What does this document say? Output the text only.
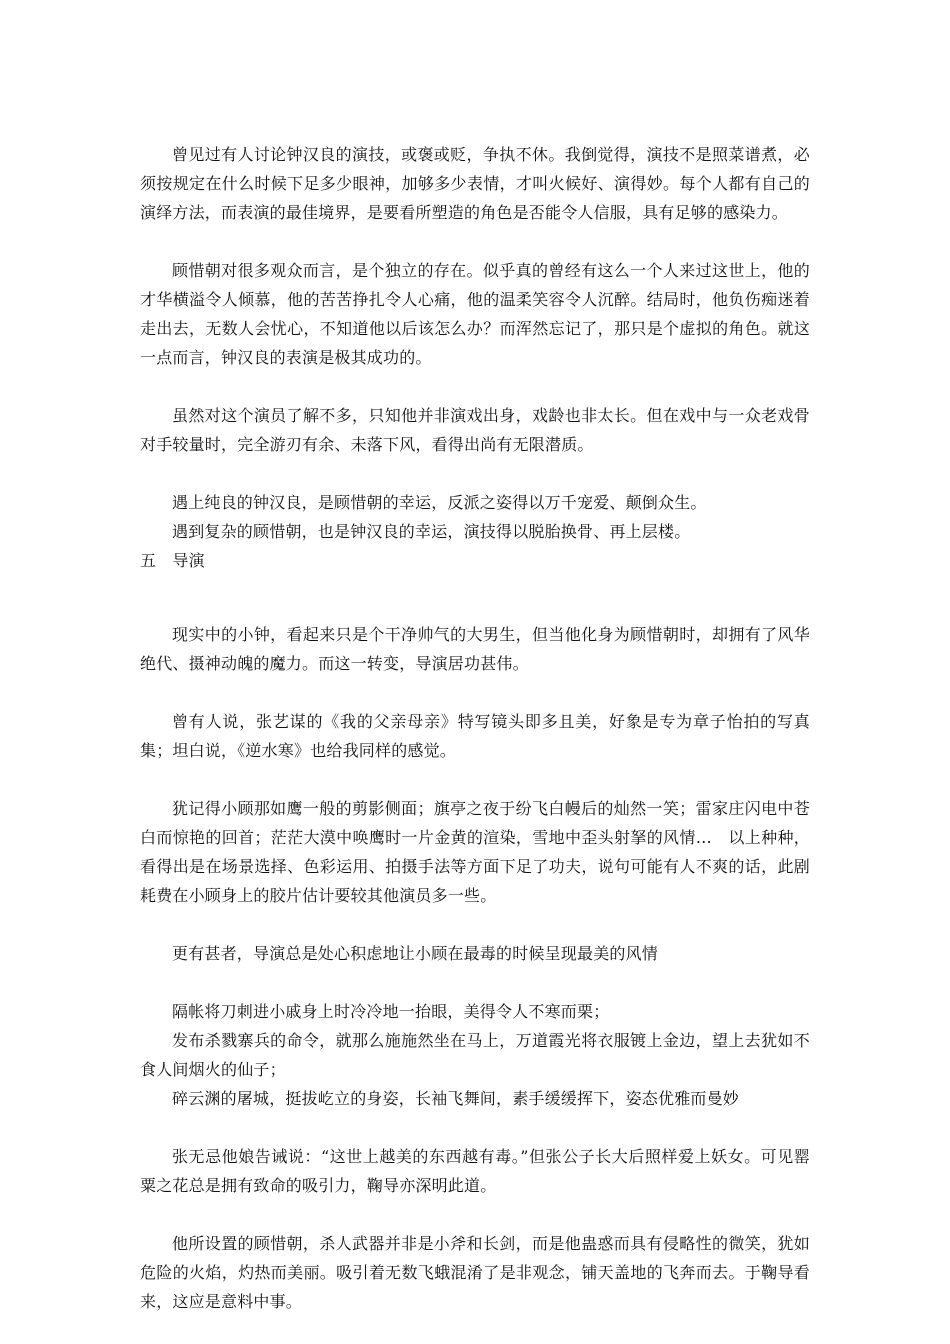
曾见过有人讨论钟汉良的演技，或褒或贬，争执不休。我倒觉得，演技不是照菜谱煮，必须按规定在什么时候下足多少眼神，加够多少表情，才叫火候好、演得妙。每个人都有自己的演绎方法，而表演的最佳境界，是要看所塑造的角色是否能令人信服，具有足够的感染力。

顾惜朝对很多观众而言，是个独立的存在。似乎真的曾经有这么一个人来过这世上，他的才华横溢令人倾慕，他的苦苦挣扎令人心痛，他的温柔笑容令人沉醉。结局时，他负伤痴迷着走出去，无数人会忧心，不知道他以后该怎么办？而浑然忘记了，那只是个虚拟的角色。就这一点而言，钟汉良的表演是极其成功的。

虽然对这个演员了解不多，只知他并非演戏出身，戏龄也非太长。但在戏中与一众老戏骨对手较量时，完全游刃有余、未落下风，看得出尚有无限潜质。

遇上纯良的钟汉良，是顾惜朝的幸运，反派之姿得以万千宠爱、颠倒众生。

遇到复杂的顾惜朝，也是钟汉良的幸运，演技得以脱胎换骨、再上层楼。

五　导演

现实中的小钟，看起来只是个干净帅气的大男生，但当他化身为顾惜朝时，却拥有了风华绝代、摄神动魄的魔力。而这一转变，导演居功甚伟。

曾有人说，张艺谋的《我的父亲母亲》特写镜头即多且美，好象是专为章子怡拍的写真集；坦白说，《逆水寒》也给我同样的感觉。

犹记得小顾那如鹰一般的剪影侧面；旗亭之夜于纷飞白幔后的灿然一笑；雷家庄闪电中苍白而惊艳的回首；茫茫大漠中唤鹰时一片金黄的渲染，雪地中歪头射拏的风情…　以上种种，看得出是在场景选择、色彩运用、拍摄手法等方面下足了功夫，说句可能有人不爽的话，此剧耗费在小顾身上的胶片估计要较其他演员多一些。

更有甚者，导演总是处心积虑地让小顾在最毒的时候呈现最美的风情

隔帐将刀刺进小戚身上时冷冷地一抬眼，美得令人不寒而栗；

发布杀戮寨兵的命令，就那么施施然坐在马上，万道霞光将衣服镀上金边，望上去犹如不食人间烟火的仙子；

碎云渊的屠城，挺拔屹立的身姿，长袖飞舞间，素手缓缓挥下，姿态优雅而曼妙

张无忌他娘告诫说：“这世上越美的东西越有毒。”但张公子长大后照样爱上妖女。可见罂粟之花总是拥有致命的吸引力，鞠导亦深明此道。

他所设置的顾惜朝，杀人武器并非是小斧和长剑，而是他蛊惑而具有侵略性的微笑，犹如危险的火焰，灼热而美丽。吸引着无数飞蛾混淆了是非观念，铺天盖地的飞奔而去。于鞠导看来，这应是意料中事。
